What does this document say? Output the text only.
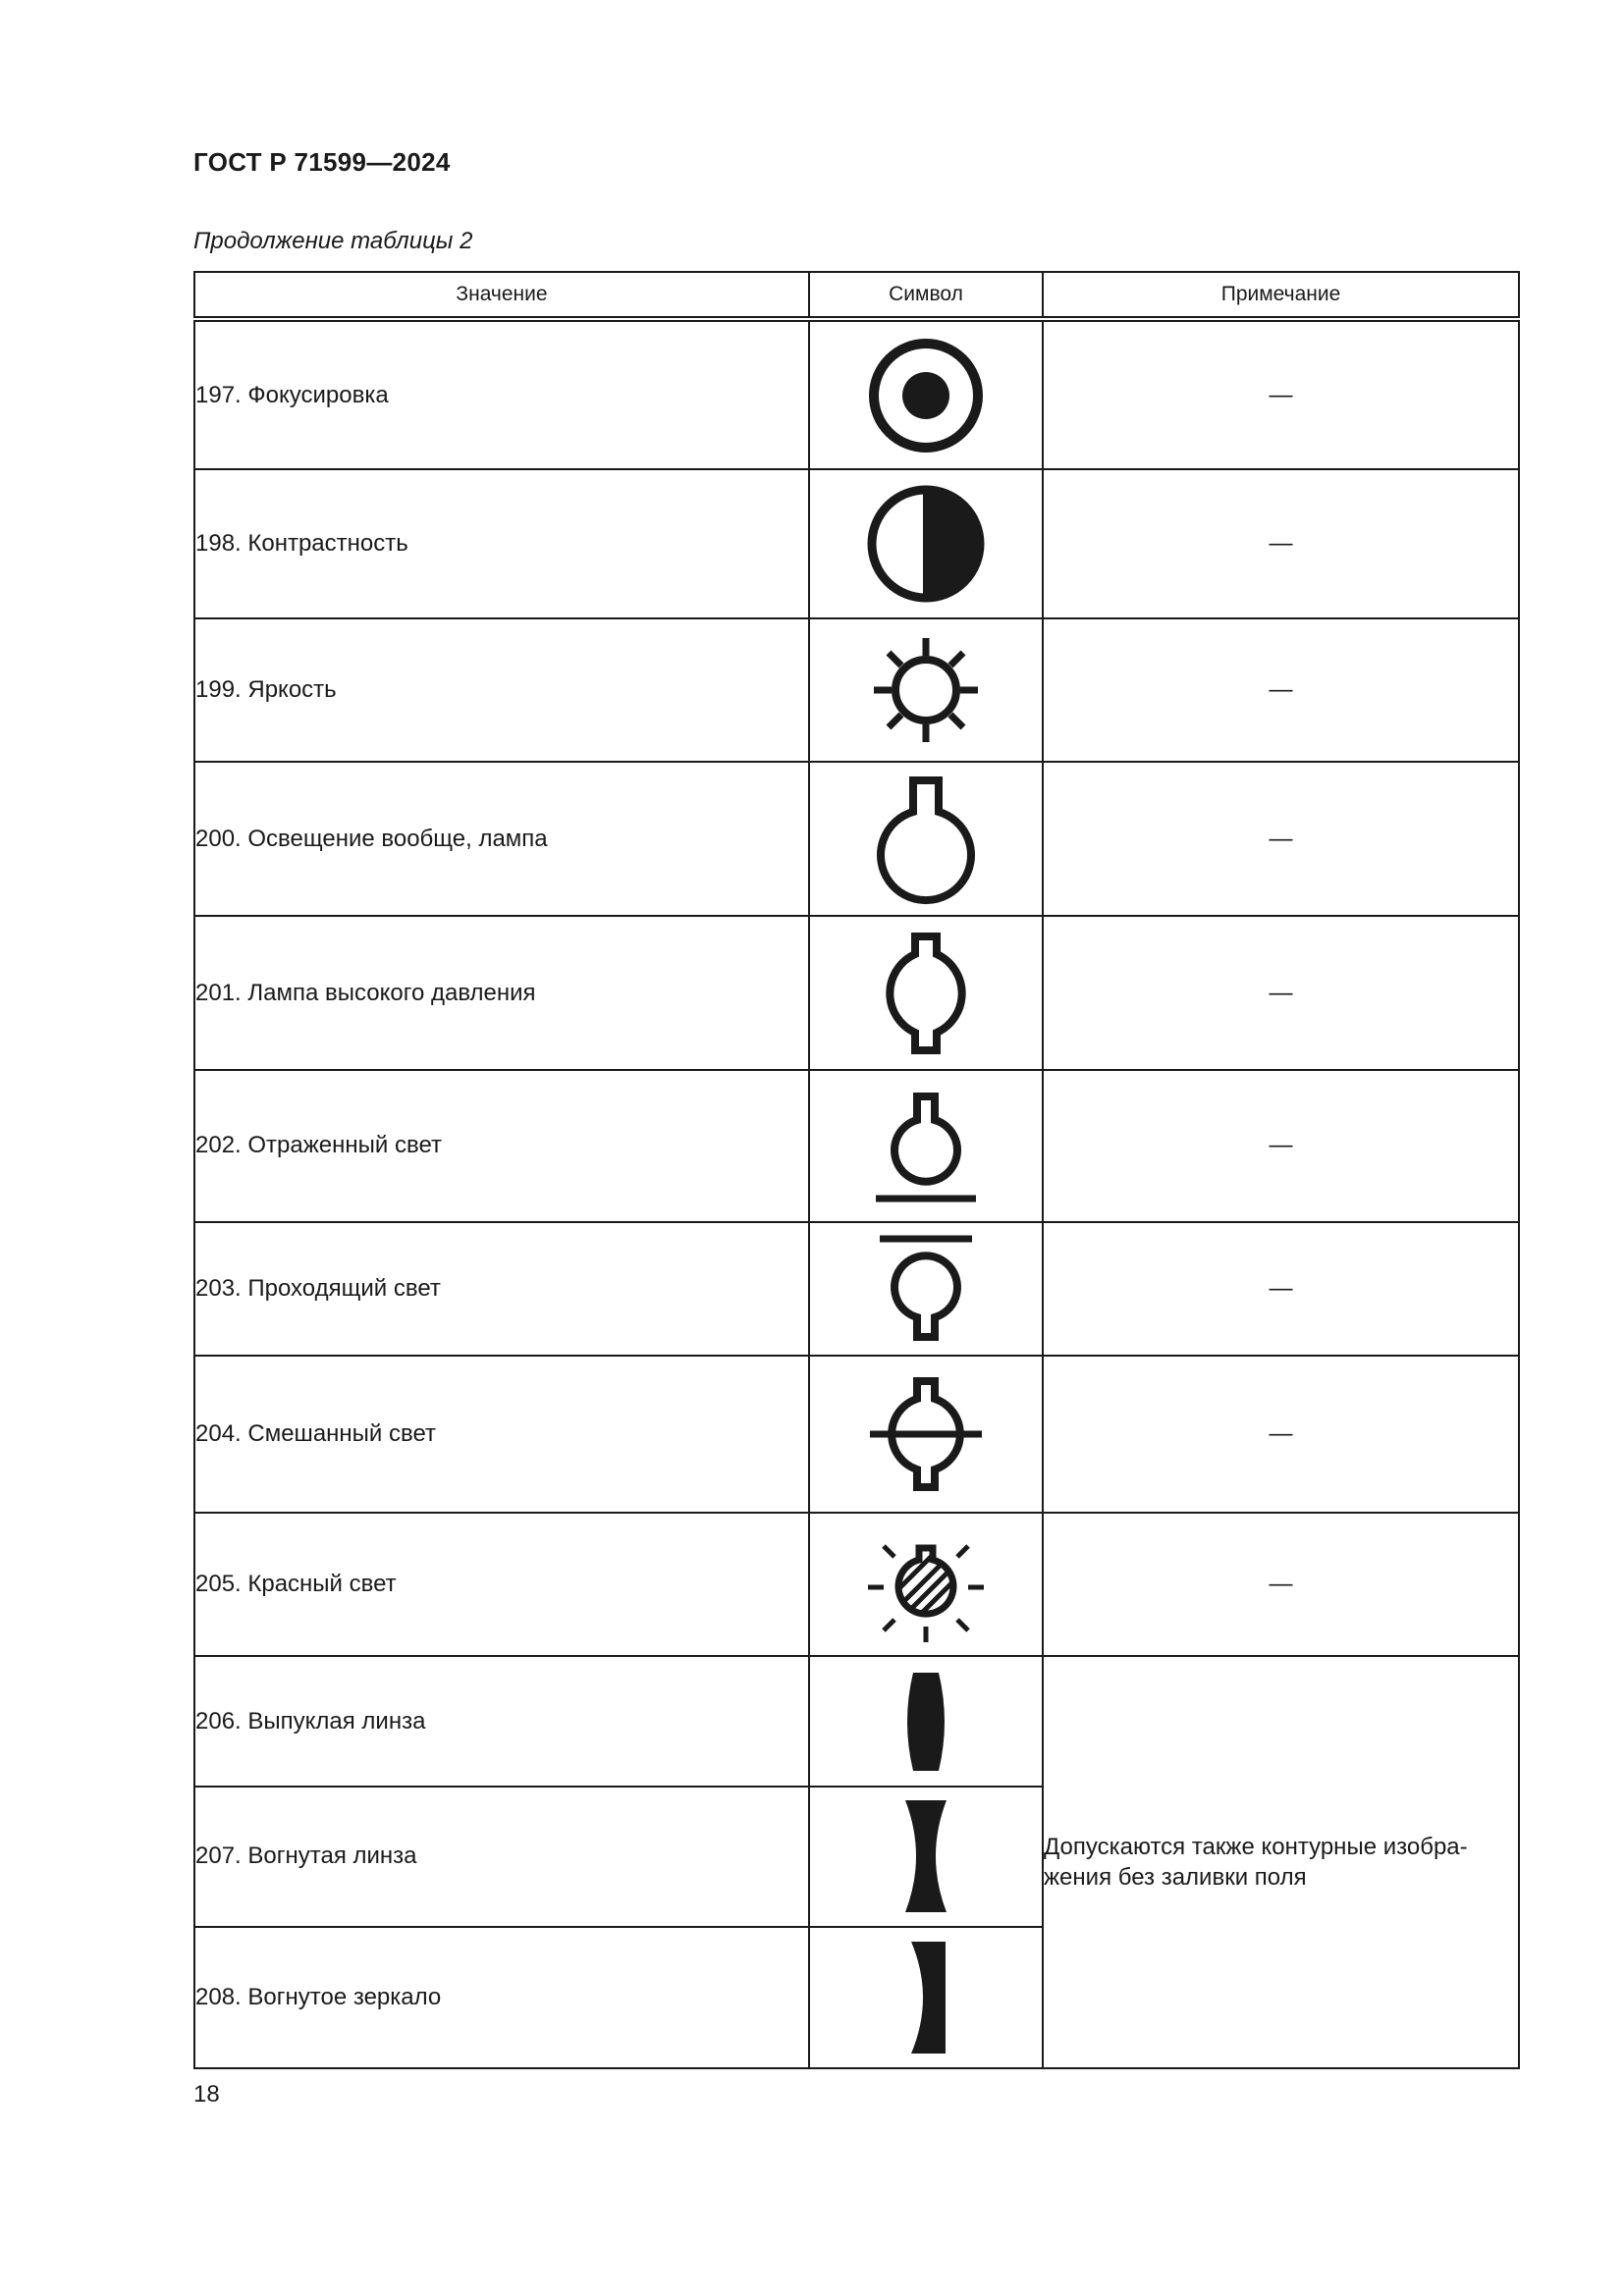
ГОСТ Р 71599—2024
Продолжение таблицы 2
Значение	Символ	Примечание
197. Фокусировка		—
198. Контрастность		—
199. Яркость		—
200. Освещение вообще, лампа		—
201. Лампа высокого давления		—
202. Отраженный свет		—
203. Проходящий свет		—
204. Смешанный свет		—
205. Красный свет		—
206. Выпуклая линза		Допускаются также контурные изобра-жения без заливки поля
207. Вогнутая линза	

208. Вогнутое зеркало	
18
